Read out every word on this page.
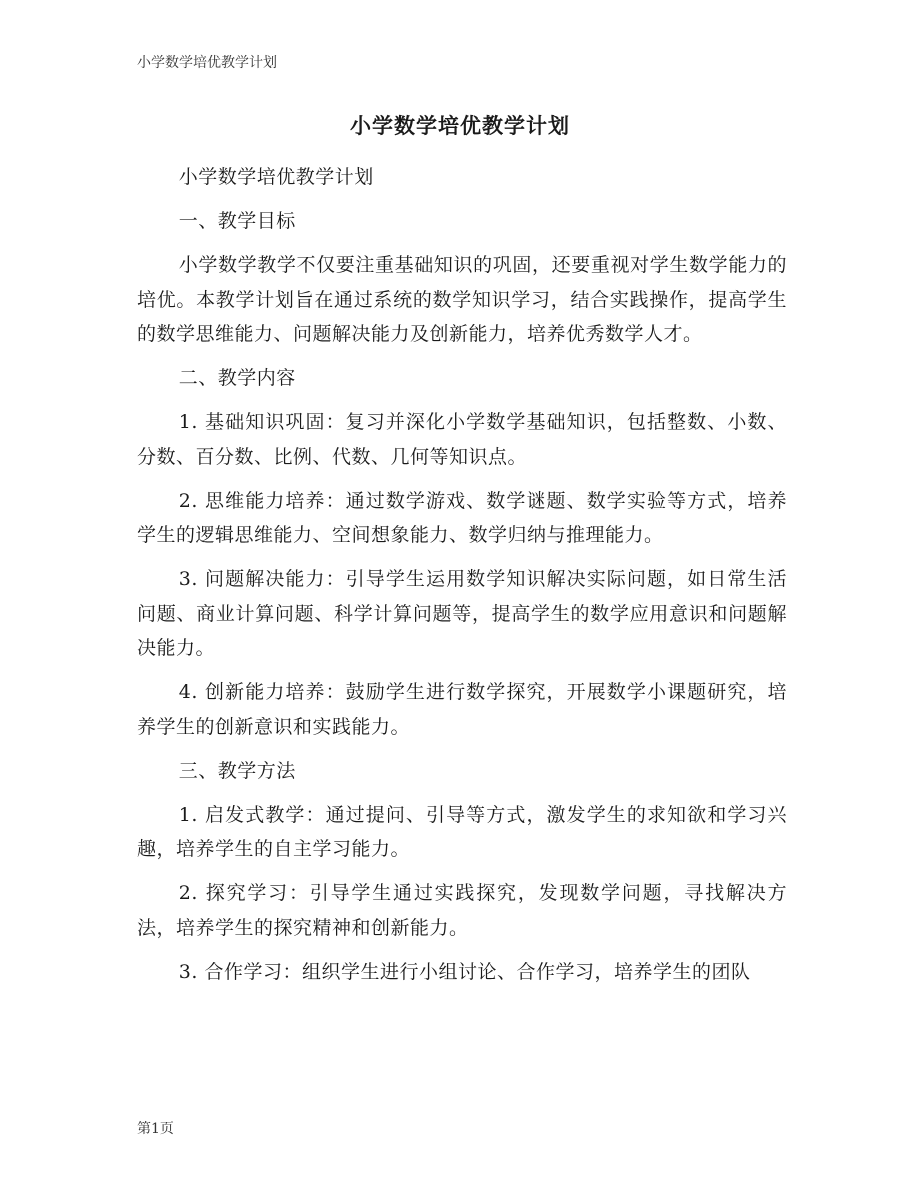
小学数学培优教学计划
小学数学培优教学计划

小学数学培优教学计划

一、教学目标

小学数学教学不仅要注重基础知识的巩固，还要重视对学生数学能力的培优。本教学计划旨在通过系统的数学知识学习，结合实践操作，提高学生的数学思维能力、问题解决能力及创新能力，培养优秀数学人才。

二、教学内容

1. 基础知识巩固：复习并深化小学数学基础知识，包括整数、小数、分数、百分数、比例、代数、几何等知识点。

2. 思维能力培养：通过数学游戏、数学谜题、数学实验等方式，培养学生的逻辑思维能力、空间想象能力、数学归纳与推理能力。

3. 问题解决能力：引导学生运用数学知识解决实际问题，如日常生活问题、商业计算问题、科学计算问题等，提高学生的数学应用意识和问题解决能力。

4. 创新能力培养：鼓励学生进行数学探究，开展数学小课题研究，培养学生的创新意识和实践能力。

三、教学方法

1. 启发式教学：通过提问、引导等方式，激发学生的求知欲和学习兴趣，培养学生的自主学习能力。

2. 探究学习：引导学生通过实践探究，发现数学问题，寻找解决方法，培养学生的探究精神和创新能力。

3. 合作学习：组织学生进行小组讨论、合作学习，培养学生的团队

第1页
